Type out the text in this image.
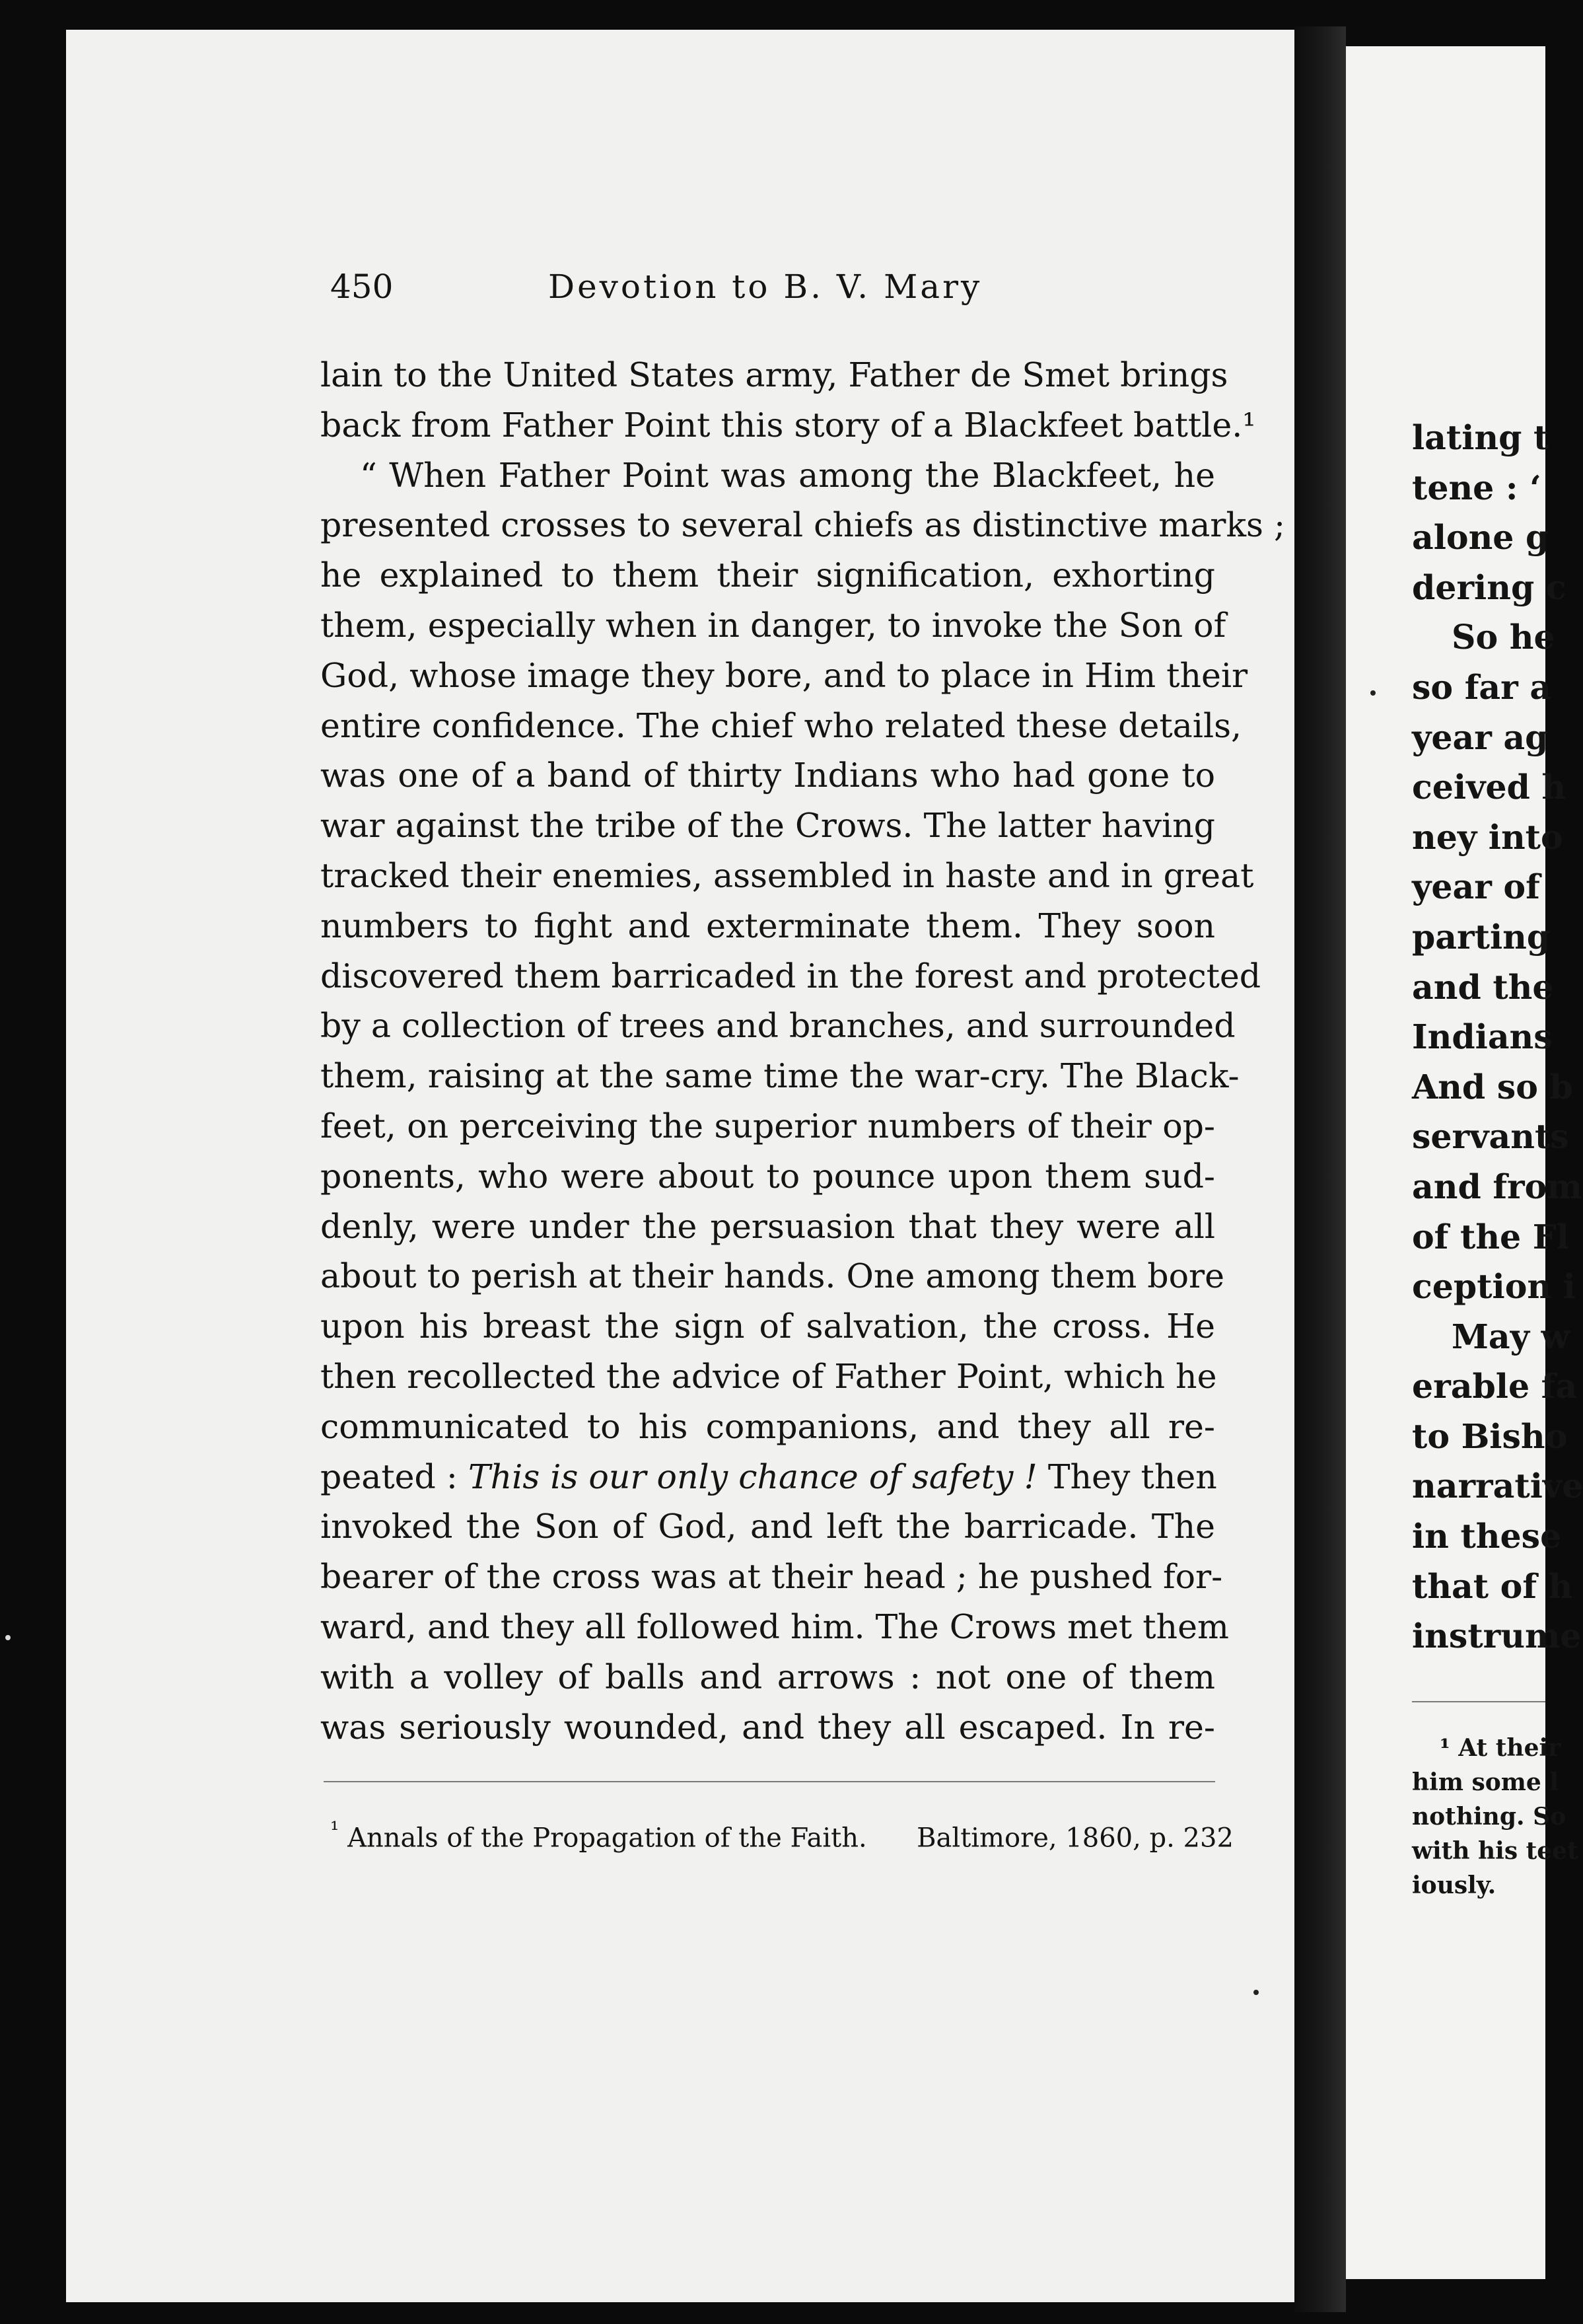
lating t
tene : ‘
alone g
dering c
So he
so far a
year ag
ceived h
ney into
year of
parting
and the
Indians
And so b
servants
and from
of the Fl
ception i
May w
erable fa
to Bisho
narrative
in these
that of h
instrume
¹ At their
him some l
nothing. So
with his teet
iously.
450	Devotion to B. V. Mary
lain to the United States army, Father de Smet brings
back from Father Point this story of a Blackfeet battle.¹
“ When Father Point was among the Blackfeet, he
presented crosses to several chiefs as distinctive marks ;
he explained to them their signification, exhorting
them, especially when in danger, to invoke the Son of
God, whose image they bore, and to place in Him their
entire confidence. The chief who related these details,
was one of a band of thirty Indians who had gone to
war against the tribe of the Crows. The latter having
tracked their enemies, assembled in haste and in great
numbers to fight and exterminate them. They soon
discovered them barricaded in the forest and protected
by a collection of trees and branches, and surrounded
them, raising at the same time the war-cry. The Black-
feet, on perceiving the superior numbers of their op-
ponents, who were about to pounce upon them sud-
denly, were under the persuasion that they were all
about to perish at their hands. One among them bore
upon his breast the sign of salvation, the cross. He
then recollected the advice of Father Point, which he
communicated to his companions, and they all re-
peated : This is our only chance of safety ! They then
invoked the Son of God, and left the barricade. The
bearer of the cross was at their head ; he pushed for-
ward, and they all followed him. The Crows met them
with a volley of balls and arrows : not one of them
was seriously wounded, and they all escaped. In re-
$^{^1}$ Annals of the Propagation of the Faith. Baltimore, 1860, p. 232
